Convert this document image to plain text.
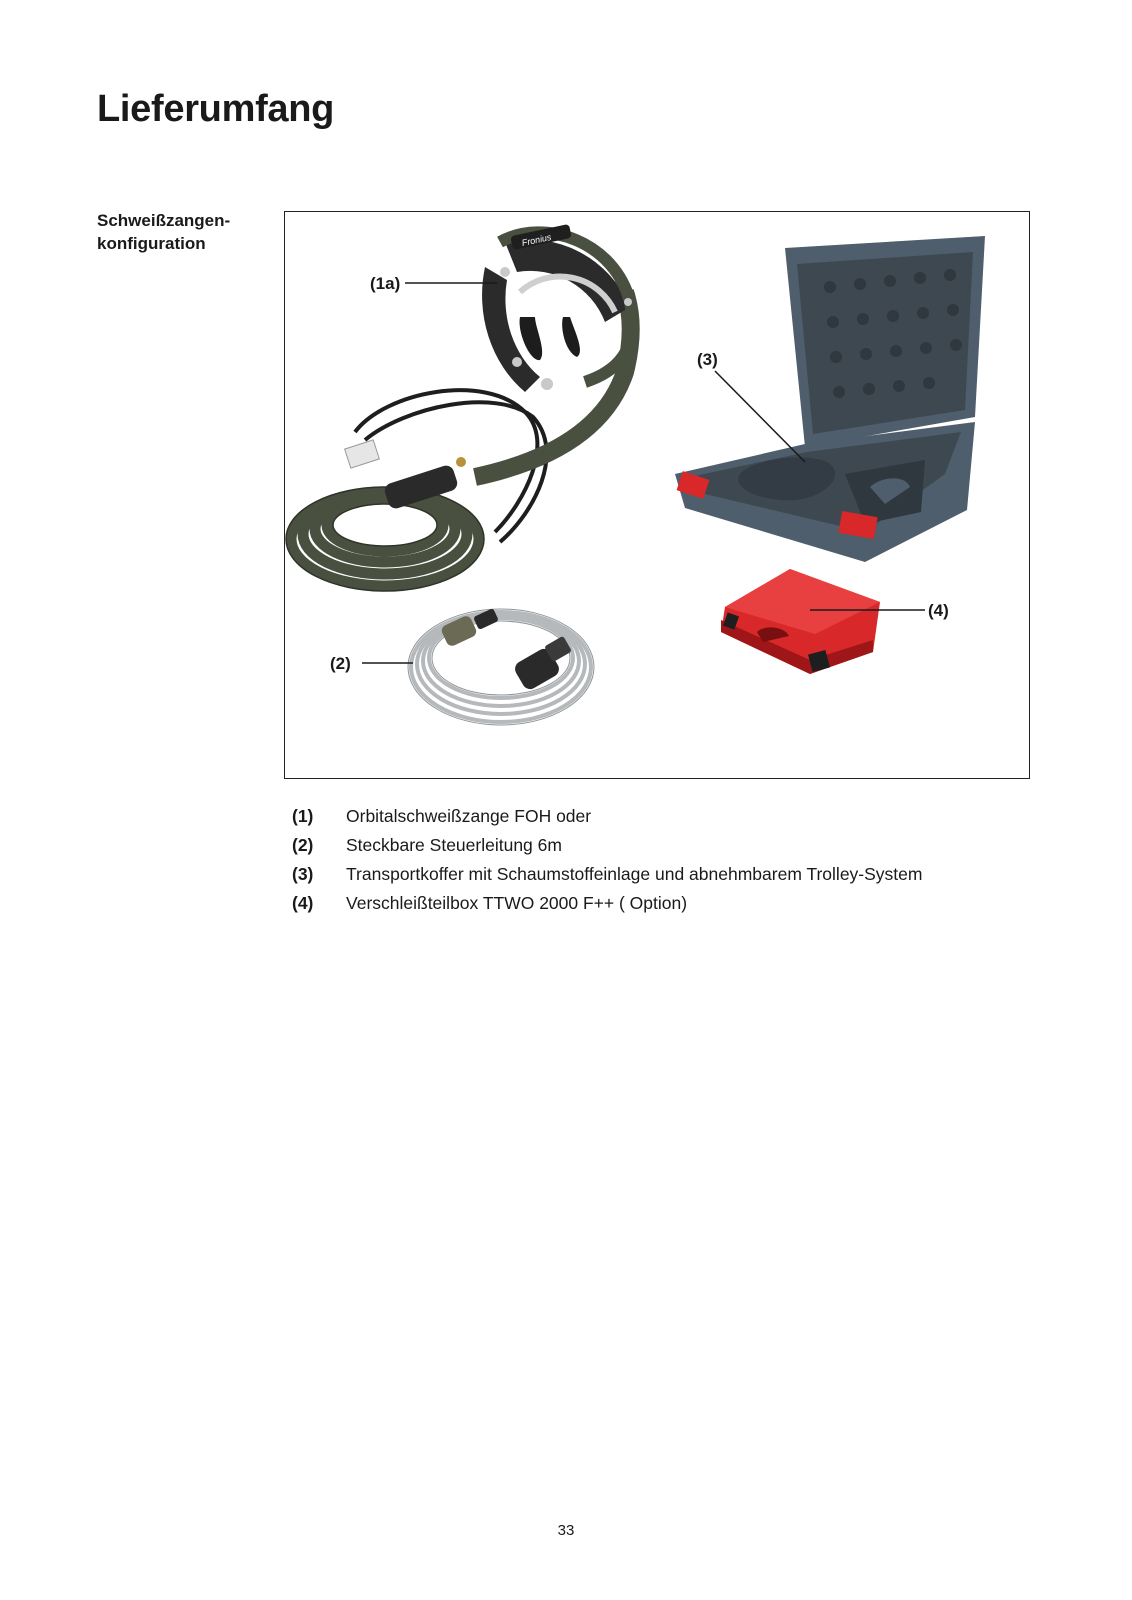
Lieferumfang
Schweißzangen-
konfiguration	Fronius
(1a)
(3)
(4)
(2)
(1)	Orbitalschweißzange FOH oder
(2)	Steckbare Steuerleitung 6m
(3)	Transportkoffer mit Schaumstoffeinlage und abnehmbarem Trolley-System
(4)	Verschleißteilbox TTWO 2000 F++ ( Option)
33
